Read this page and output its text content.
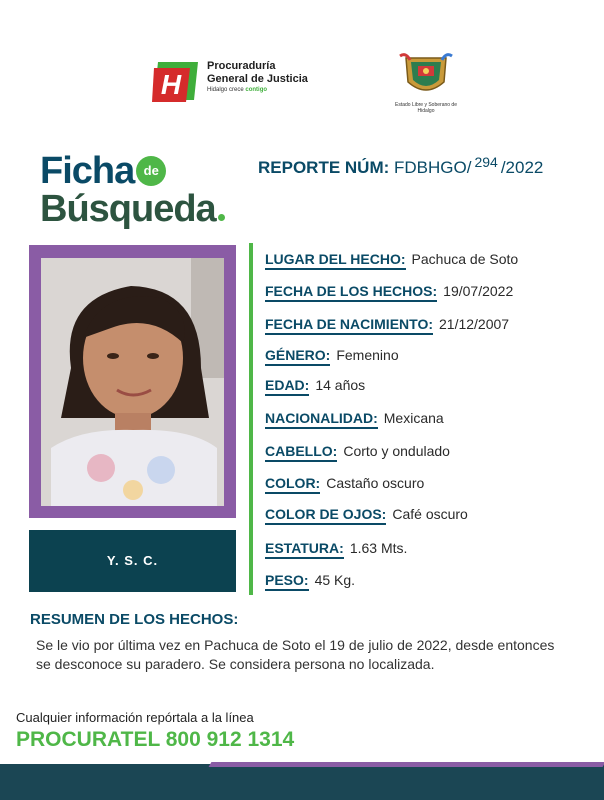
H
Procuraduría
General de Justicia
Hidalgo crece contigo
Estado Libre y Soberano de Hidalgo
Ficha de
Búsqueda
REPORTE NÚM: FDBHGO/ $^{294}$ /2022
Y. S. C.
LUGAR DEL HECHO: Pachuca de Soto
FECHA DE LOS HECHOS: 19/07/2022
FECHA DE NACIMIENTO: 21/12/2007
GÉNERO: Femenino
EDAD: 14 años
NACIONALIDAD: Mexicana
CABELLO: Corto y ondulado
COLOR: Castaño oscuro
COLOR DE OJOS: Café oscuro
ESTATURA: 1.63 Mts.
PESO: 45 Kg.
RESUMEN DE LOS HECHOS:
Se le vio por última vez en Pachuca de Soto el 19 de julio de 2022, desde entonces se desconoce su paradero. Se considera persona no localizada.
Cualquier información repórtala a la línea
PROCURATEL 800 912 1314
